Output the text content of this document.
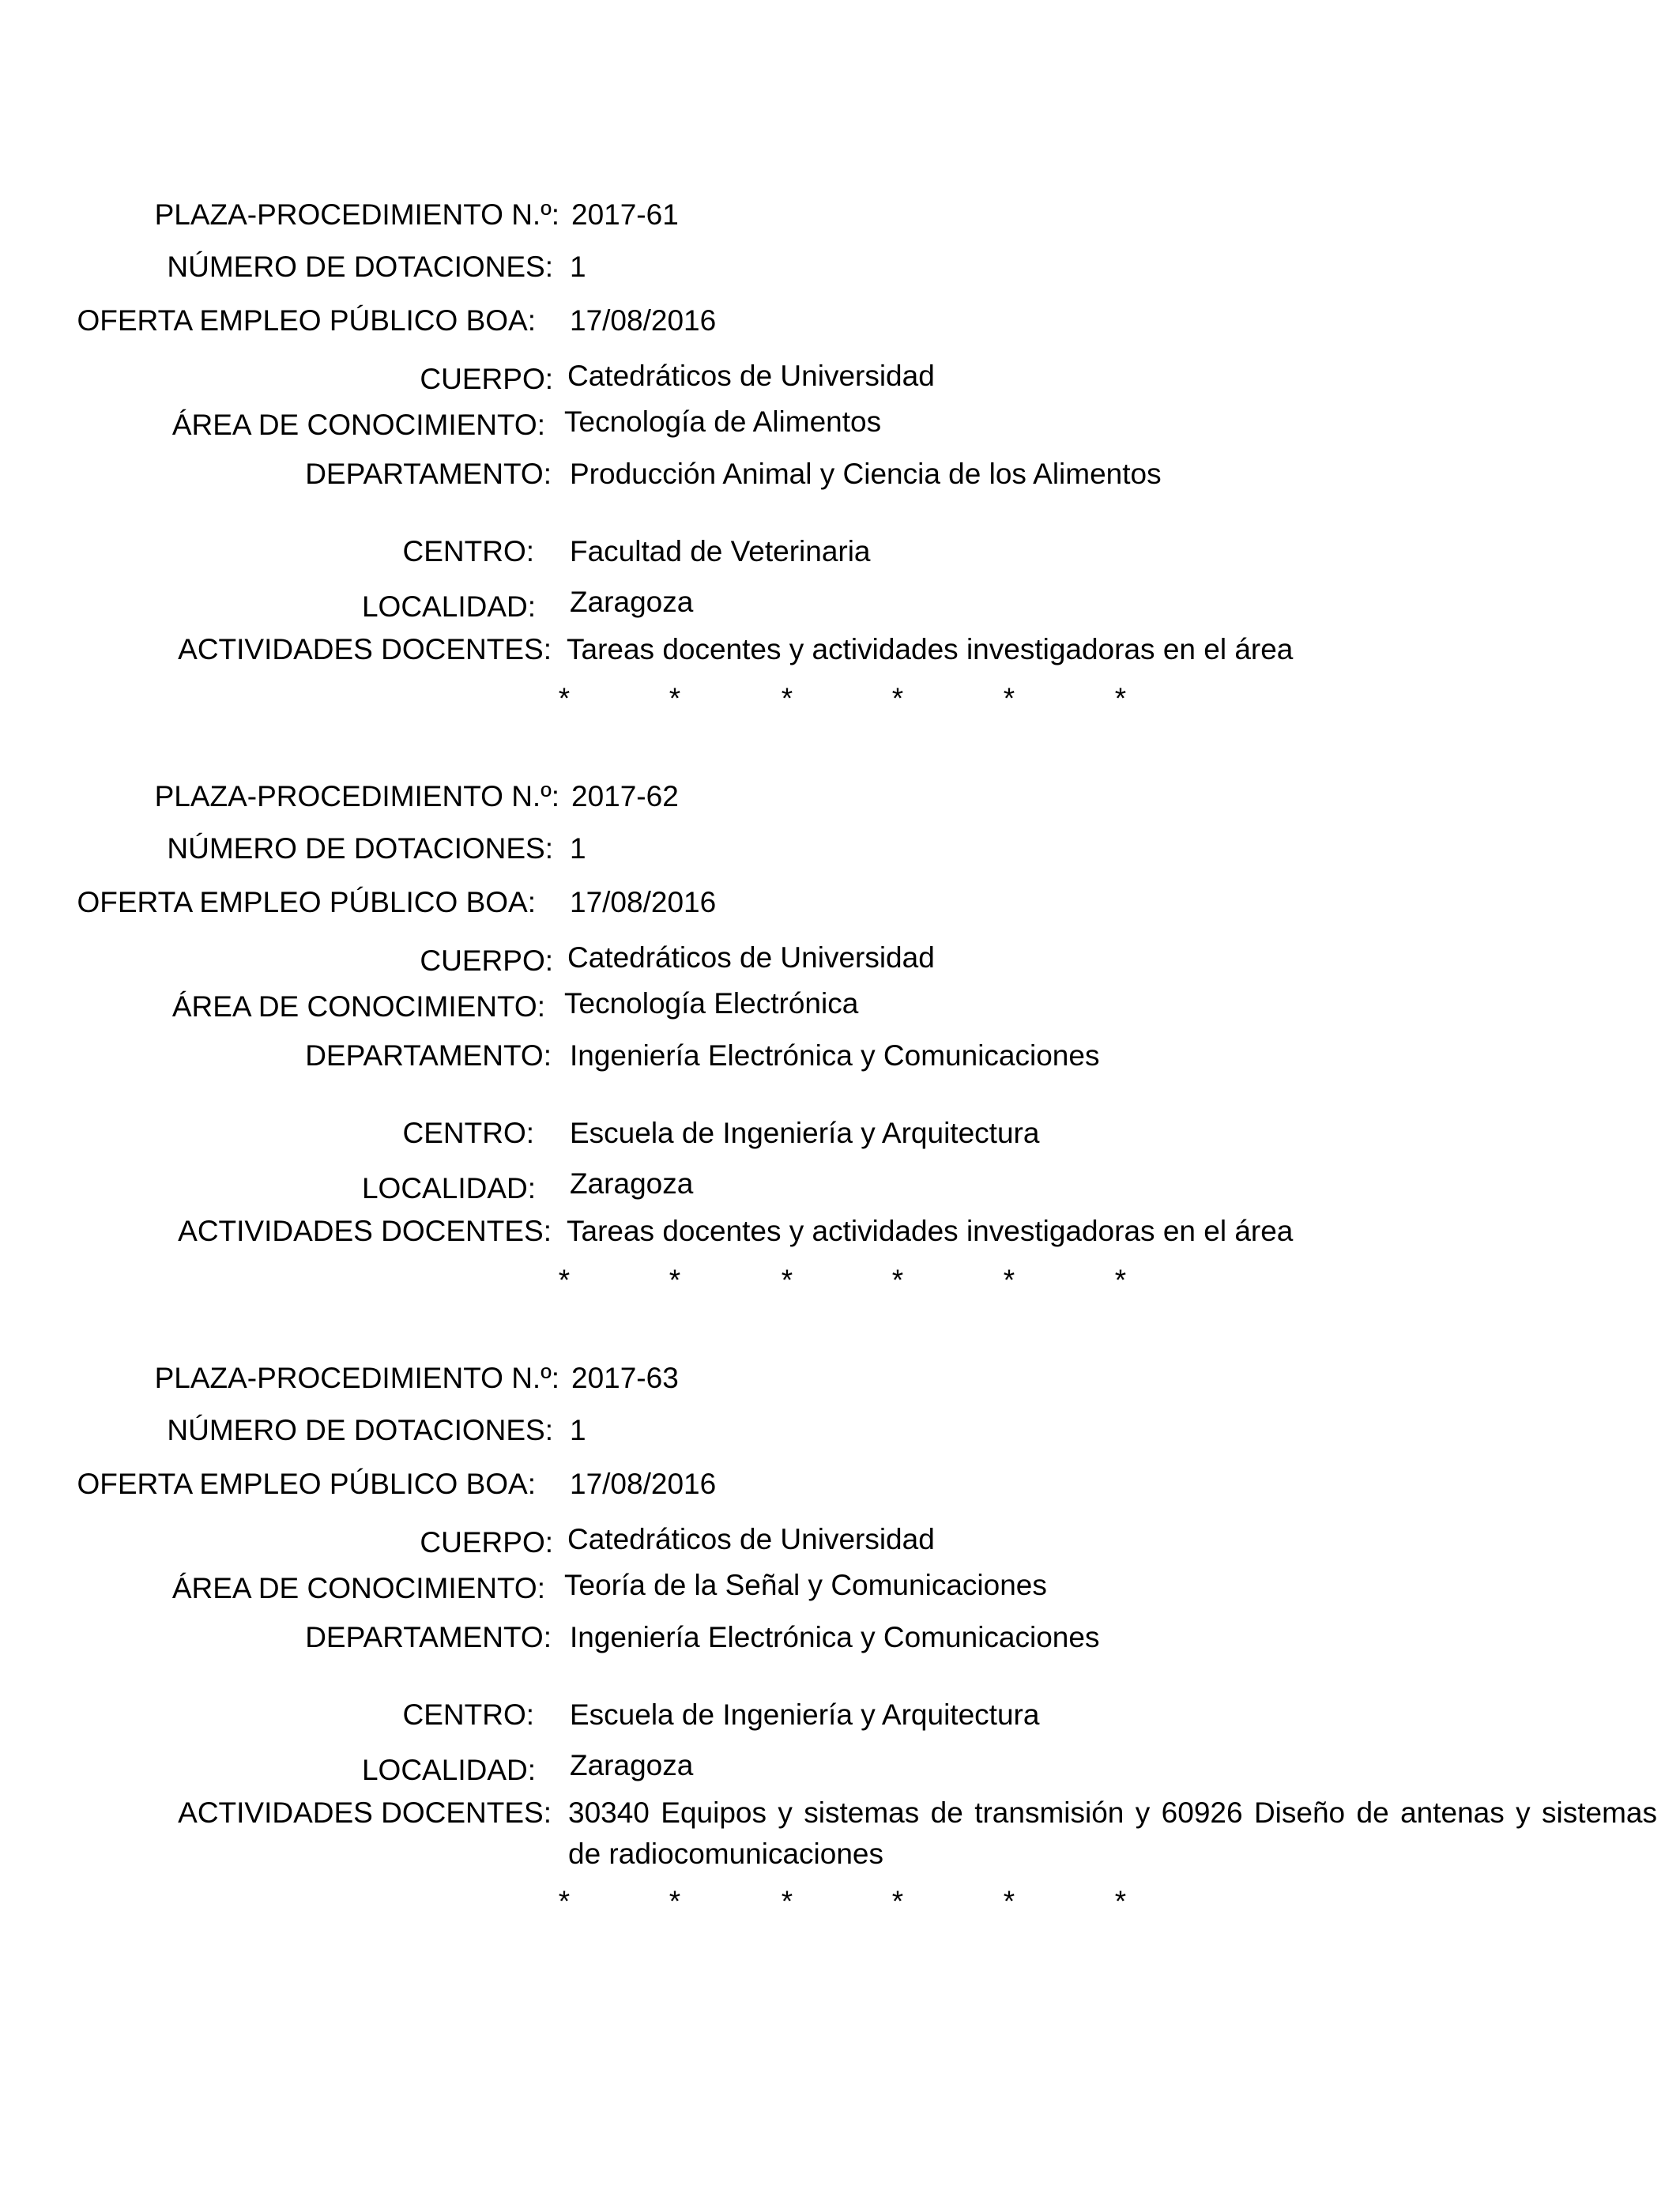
PLAZA-PROCEDIMIENTO N.º: 2017-61
NÚMERO DE DOTACIONES: 1
OFERTA EMPLEO PÚBLICO BOA: 17/08/2016
CUERPO: Catedráticos de Universidad
ÁREA DE CONOCIMIENTO: Tecnología de Alimentos
DEPARTAMENTO: Producción Animal y Ciencia de los Alimentos
CENTRO: Facultad de Veterinaria
LOCALIDAD: Zaragoza
ACTIVIDADES DOCENTES: Tareas docentes y actividades investigadoras en el área
*	*	*	*	*	*
PLAZA-PROCEDIMIENTO N.º: 2017-62
NÚMERO DE DOTACIONES: 1
OFERTA EMPLEO PÚBLICO BOA: 17/08/2016
CUERPO: Catedráticos de Universidad
ÁREA DE CONOCIMIENTO: Tecnología Electrónica
DEPARTAMENTO: Ingeniería Electrónica y Comunicaciones
CENTRO: Escuela de Ingeniería y Arquitectura
LOCALIDAD: Zaragoza
ACTIVIDADES DOCENTES: Tareas docentes y actividades investigadoras en el área
*	*	*	*	*	*
PLAZA-PROCEDIMIENTO N.º: 2017-63
NÚMERO DE DOTACIONES: 1
OFERTA EMPLEO PÚBLICO BOA: 17/08/2016
CUERPO: Catedráticos de Universidad
ÁREA DE CONOCIMIENTO: Teoría de la Señal y Comunicaciones
DEPARTAMENTO: Ingeniería Electrónica y Comunicaciones
CENTRO: Escuela de Ingeniería y Arquitectura
LOCALIDAD: Zaragoza
ACTIVIDADES DOCENTES: 30340 Equipos y sistemas de transmisión y 60926 Diseño de antenas y sistemas de radiocomunicaciones
*	*	*	*	*	*
